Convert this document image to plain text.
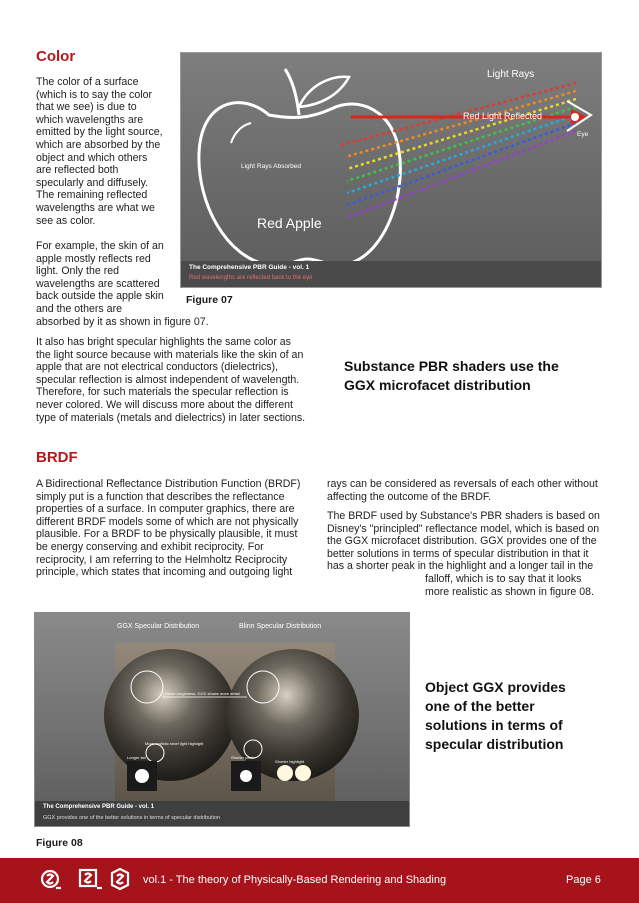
Color
The color of a surface
(which is to say the color
that we see) is due to
which wavelengths are
emitted by the light source,
which are absorbed by the
object and which others
are reflected both
specularly and diffusely.
The remaining reflected
wavelengths are what we
see as color.
For example, the skin of an
apple mostly reflects red
light. Only the red
wavelengths are scattered
back outside the apple skin
and the others are
absorbed by it as shown in figure 07.
It also has bright specular highlights the same color as
the light source because with materials like the skin of an
apple that are not electrical conductors (dielectrics),
specular reflection is almost independent of wavelength.
Therefore, for such materials the specular reflection is
never colored. We will discuss more about the different
type of materials (metals and dielectrics) in later sections.
Light Rays
Red Light Reflected
Light Rays Absorbed
Eye
Red Apple
The Comprehensive PBR Guide - vol. 1
Red wavelengths are reflected back to the eye
Figure 07
Substance PBR shaders use the
GGX microfacet distribution
BRDF
A Bidirectional Reflectance Distribution Function (BRDF)
simply put is a function that describes the reflectance
properties of a surface. In computer graphics, there are
different BRDF models some of which are not physically
plausible. For a BRDF to be physically plausible, it must
be energy conserving and exhibit reciprocity. For
reciprocity, I am referring to the Helmholtz Reciprocity
principle, which states that incoming and outgoing light
rays can be considered as reversals of each other without
affecting the outcome of the BRDF.
The BRDF used by Substance's PBR shaders is based on
Disney's "principled" reflectance model, which is based on
the GGX microfacet distribution. GGX provides one of the
better solutions in terms of specular distribution in that it
has a shorter peak in the highlight and a longer tail in the
falloff, which is to say that it looks
more realistic as shown in figure 08.
GGX Specular Distribution	Blinn Specular Distribution
Same roughness, GGX shows more detail
More realistic short light highlight
Longer tail	Shorter peak
Shorter highlight
The Comprehensive PBR Guide - vol. 1
GGX provides one of the better solutions in terms of specular distribution
Object GGX provides
one of the better
solutions in terms of
specular distribution
Figure 08
vol.1 - The theory of Physically-Based Rendering and Shading	Page 6
